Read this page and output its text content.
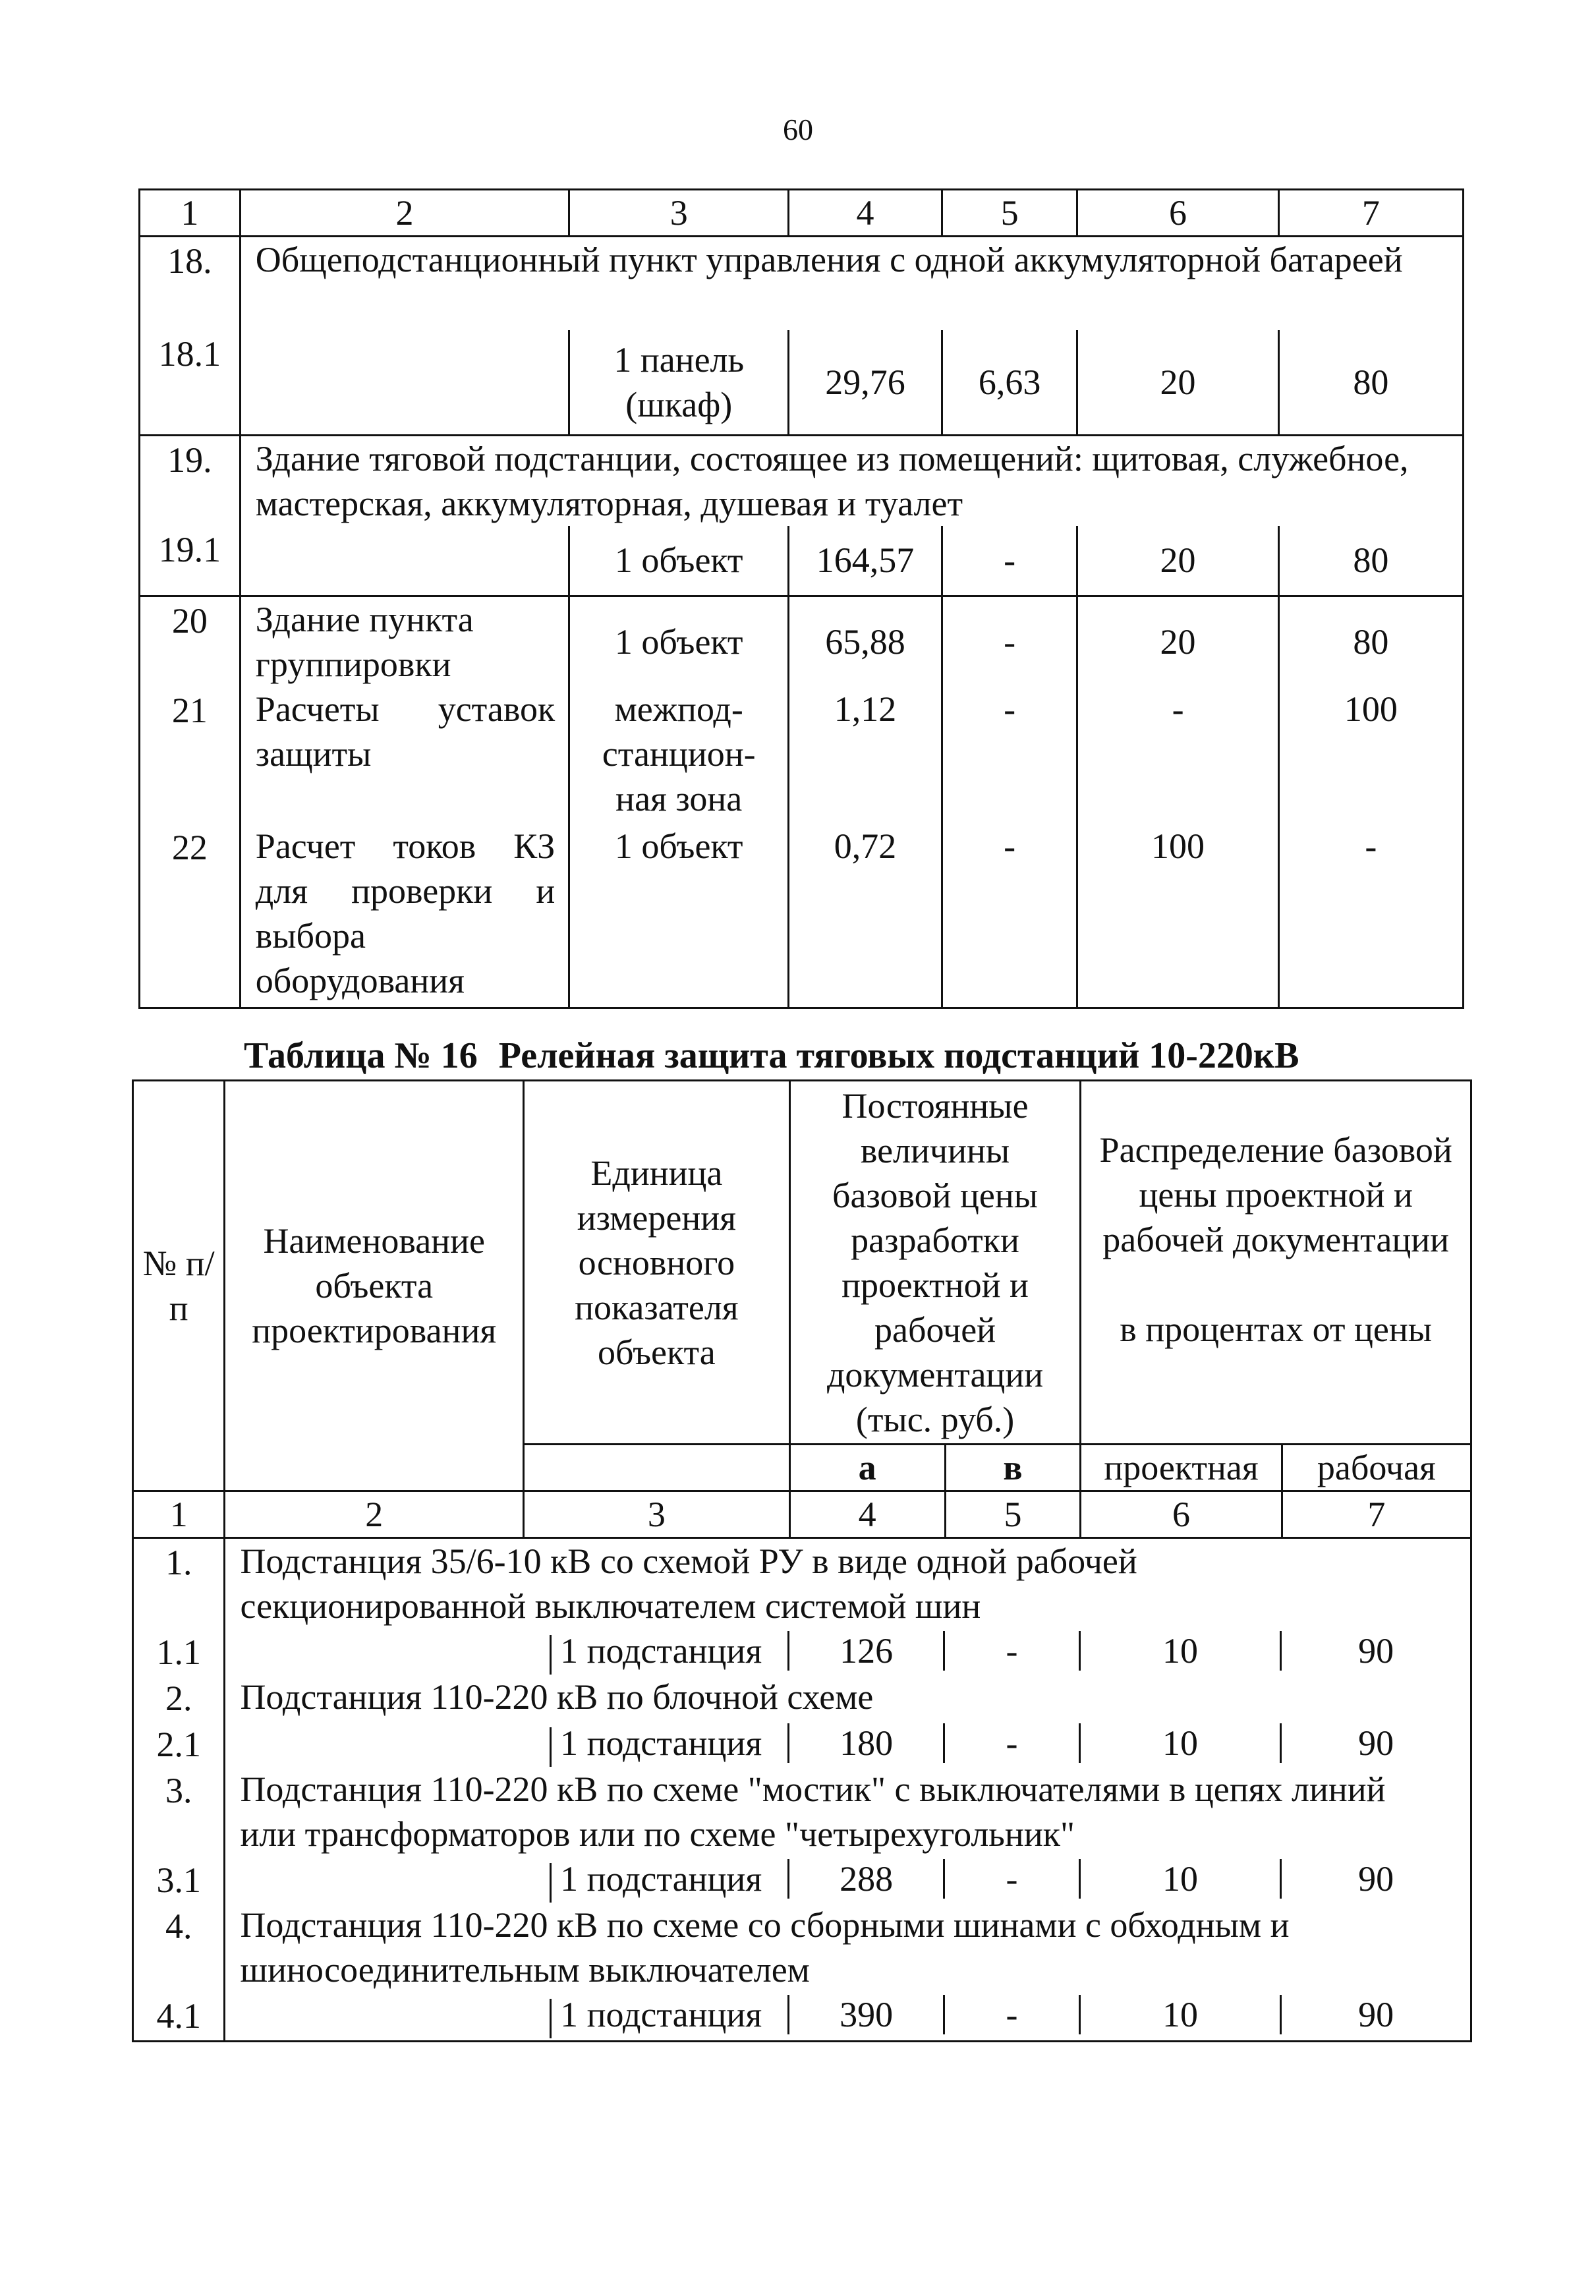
60
1	2	3	4	5	6	7
18.	Общеподстанционный пункт управления с одной аккумуляторной батареей					
18.1		1 панель (шкаф)	29,76	6,63	20	80
19.	Здание тяговой подстанции, состоящее из помещений: щитовая, служебное, мастерская, аккумуляторная, душевая и туалет					
19.1		1 объект	164,57	-	20	80
20	Здание пункта группировки	1 объект	65,88	-	20	80
21	Расчеты уставок защиты	межпод-станцион-ная зона	1,12	-	-	100
22	Расчет токов КЗ для проверки и выбора оборудования	1 объект	0,72	-	100	-
Таблица № 16 Релейная защита тяговых подстанций 10-220кВ
№ п/п	Наименование объекта проектирования	Единица измерения основного показателя объекта	Постоянные величины базовой цены разработки проектной и рабочей документации (тыс. руб.)		Распределение базовой цены проектной и рабочей документации
в процентах от цены	

			а	в	проектная	рабочая
1	2	3	4	5	6	7
1.	Подстанция 35/6-10 кВ со схемой РУ в виде одной рабочей секционированной выключателем системой шин					
1.1		1 подстанция	126	-	10	90
2.	Подстанция 110-220 кВ по блочной схеме					
2.1		1 подстанция	180	-	10	90
3.	Подстанция 110-220 кВ по схеме "мостик" с выключателями в цепях линий или трансформаторов или по схеме "четырехугольник"					
3.1		1 подстанция	288	-	10	90
4.	Подстанция 110-220 кВ по схеме со сборными шинами с обходным и шиносоединительным выключателем					
4.1		1 подстанция	390	-	10	90
